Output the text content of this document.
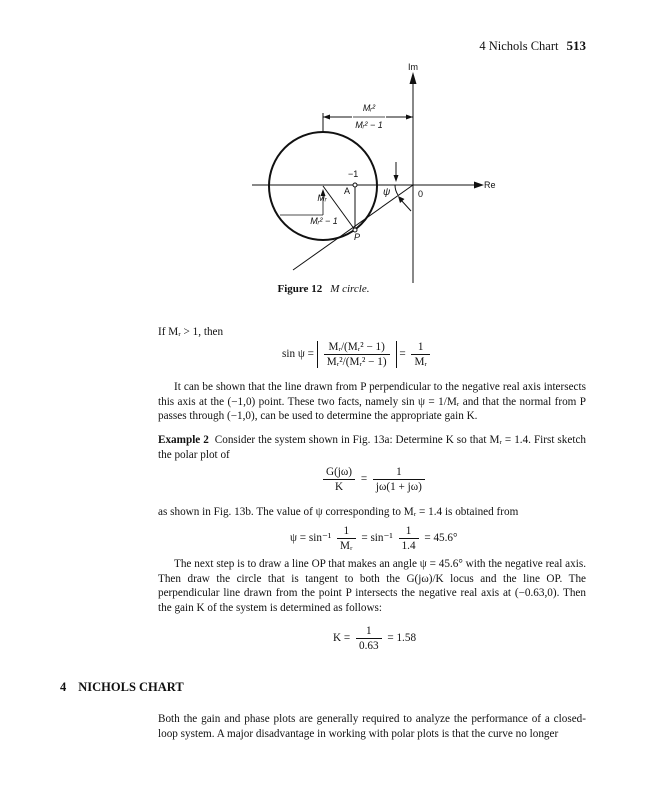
4 Nichols Chart 513
Mᵣ²
Mᵣ² − 1
Mᵣ
Mᵣ² − 1
Im
Re
−1
A	ψ	0
P
Figure 12 M circle.
If Mᵣ > 1, then
$\sin \psi = \frac{\text{Mᵣ/(Mᵣ² − 1)}}{\text{Mᵣ²/(Mᵣ² − 1)}} = \frac{1}{\text{Mᵣ}}$
It can be shown that the line drawn from P perpendicular to the negative real axis intersects this axis at the (−1,0) point. These two facts, namely sin ψ = 1/Mᵣ and that the normal from P passes through (−1,0), can be used to determine the appropriate gain K.
Example 2 Consider the system shown in Fig. 13a: Determine K so that Mᵣ = 1.4. First sketch the polar plot of
$\frac{G(j\omega)}{K} = \frac{1}{j\omega(1 + j\omega)}$
as shown in Fig. 13b. The value of ψ corresponding to Mᵣ = 1.4 is obtained from
$\psi = \sin^{-1} \frac{1}{\text{Mᵣ}} = \sin^{-1} \frac{1}{1.4} = 45.6^\circ$
The next step is to draw a line OP that makes an angle ψ = 45.6° with the negative real axis. Then draw the circle that is tangent to both the G(jω)/K locus and the line OP. The perpendicular line drawn from the point P intersects the negative real axis at (−0.63,0). Then the gain K of the system is determined as follows:
$K = \frac{1}{0.63} = 1.58$
4 NICHOLS CHART
Both the gain and phase plots are generally required to analyze the performance of a closed-loop system. A major disadvantage in working with polar plots is that the curve no longer
